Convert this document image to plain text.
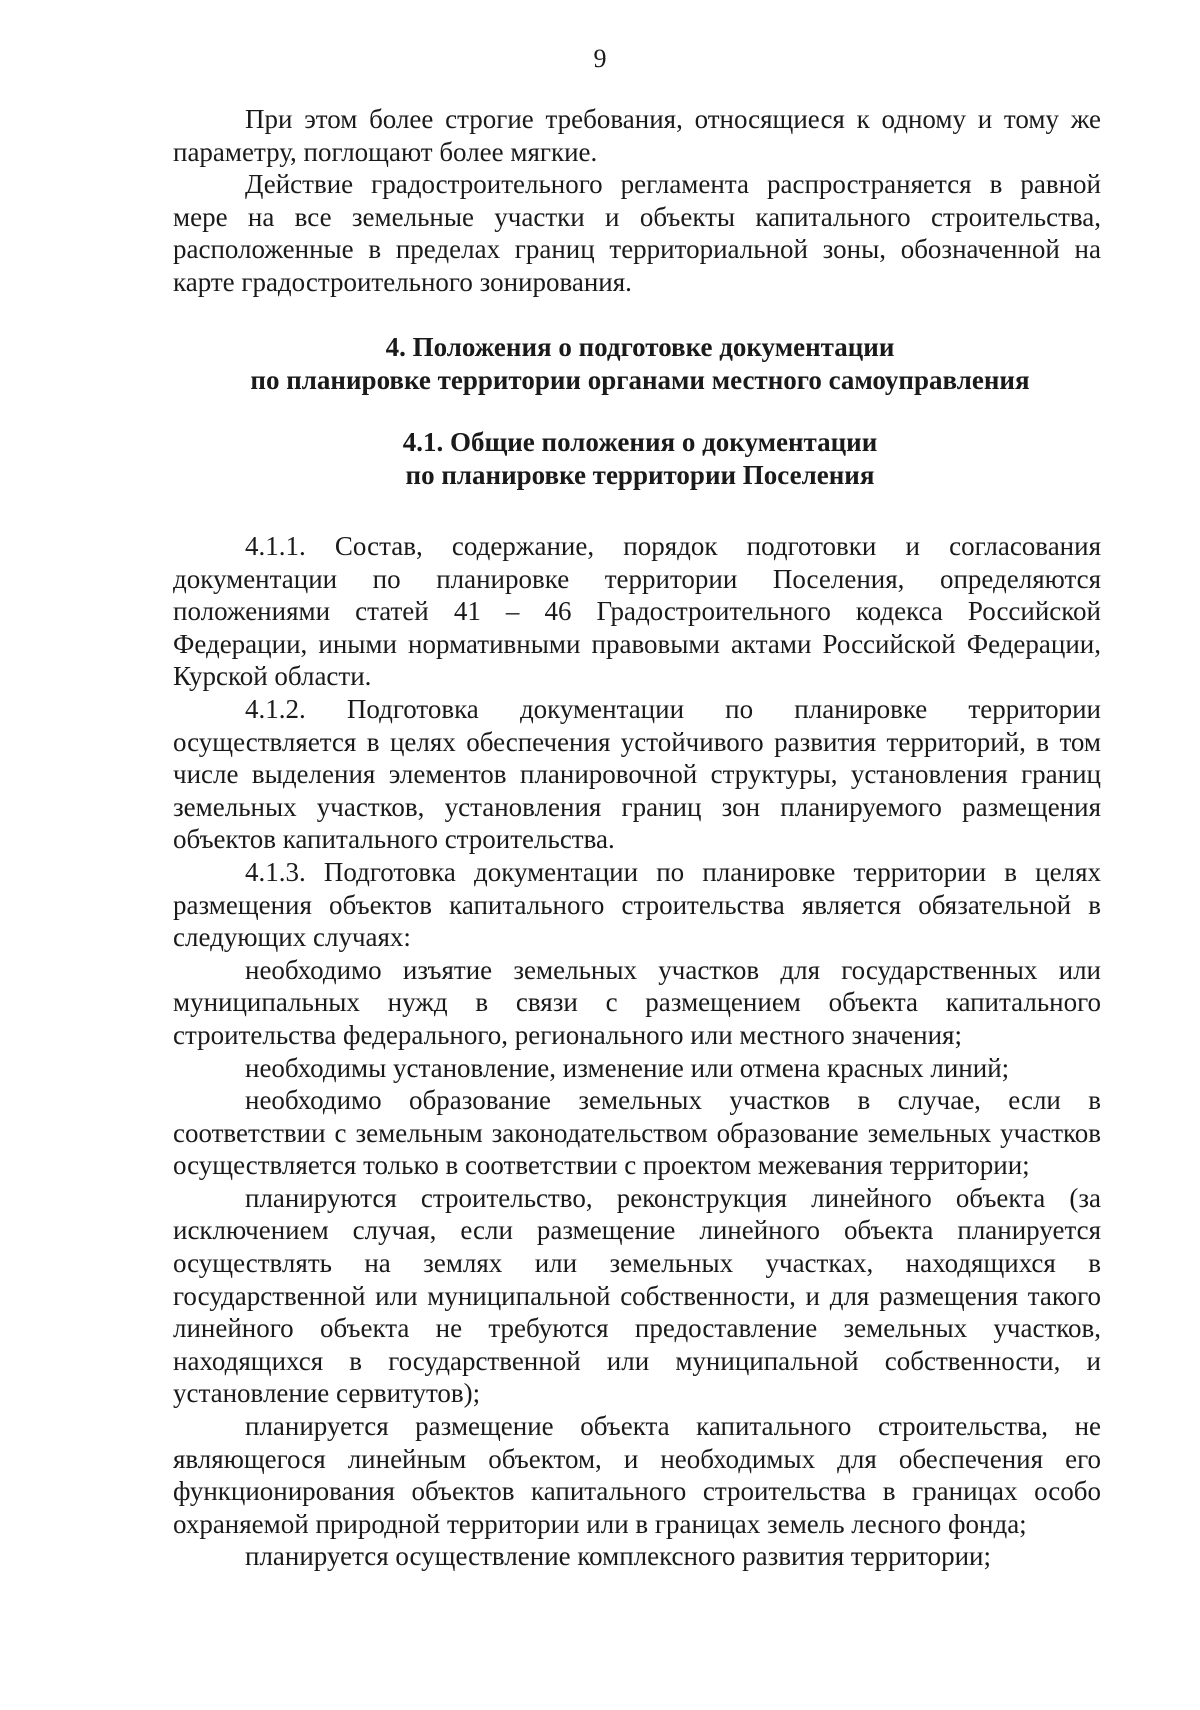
9

При этом более строгие требования, относящиеся к одному и тому же параметру, поглощают более мягкие.

Действие градостроительного регламента распространяется в равной мере на все земельные участки и объекты капитального строительства, расположенные в пределах границ территориальной зоны, обозначенной на карте градостроительного зонирования.

4. Положения о подготовке документации
по планировке территории органами местного самоуправления
4.1. Общие положения о документации
по планировке территории Поселения

4.1.1. Состав, содержание, порядок подготовки и согласования документации по планировке территории Поселения, определяются положениями статей 41 – 46 Градостроительного кодекса Российской Федерации, иными нормативными правовыми актами Российской Федерации, Курской области.

4.1.2. Подготовка документации по планировке территории осуществляется в целях обеспечения устойчивого развития территорий, в том числе выделения элементов планировочной структуры, установления границ земельных участков, установления границ зон планируемого размещения объектов капитального строительства.

4.1.3. Подготовка документации по планировке территории в целях размещения объектов капитального строительства является обязательной в следующих случаях:

необходимо изъятие земельных участков для государственных или муниципальных нужд в связи с размещением объекта капитального строительства федерального, регионального или местного значения;

необходимы установление, изменение или отмена красных линий;

необходимо образование земельных участков в случае, если в соответствии с земельным законодательством образование земельных участков осуществляется только в соответствии с проектом межевания территории;

планируются строительство, реконструкция линейного объекта (за исключением случая, если размещение линейного объекта планируется осуществлять на землях или земельных участках, находящихся в государственной или муниципальной собственности, и для размещения такого линейного объекта не требуются предоставление земельных участков, находящихся в государственной или муниципальной собственности, и установление сервитутов);

планируется размещение объекта капитального строительства, не являющегося линейным объектом, и необходимых для обеспечения его функционирования объектов капитального строительства в границах особо охраняемой природной территории или в границах земель лесного фонда;

планируется осуществление комплексного развития территории;
